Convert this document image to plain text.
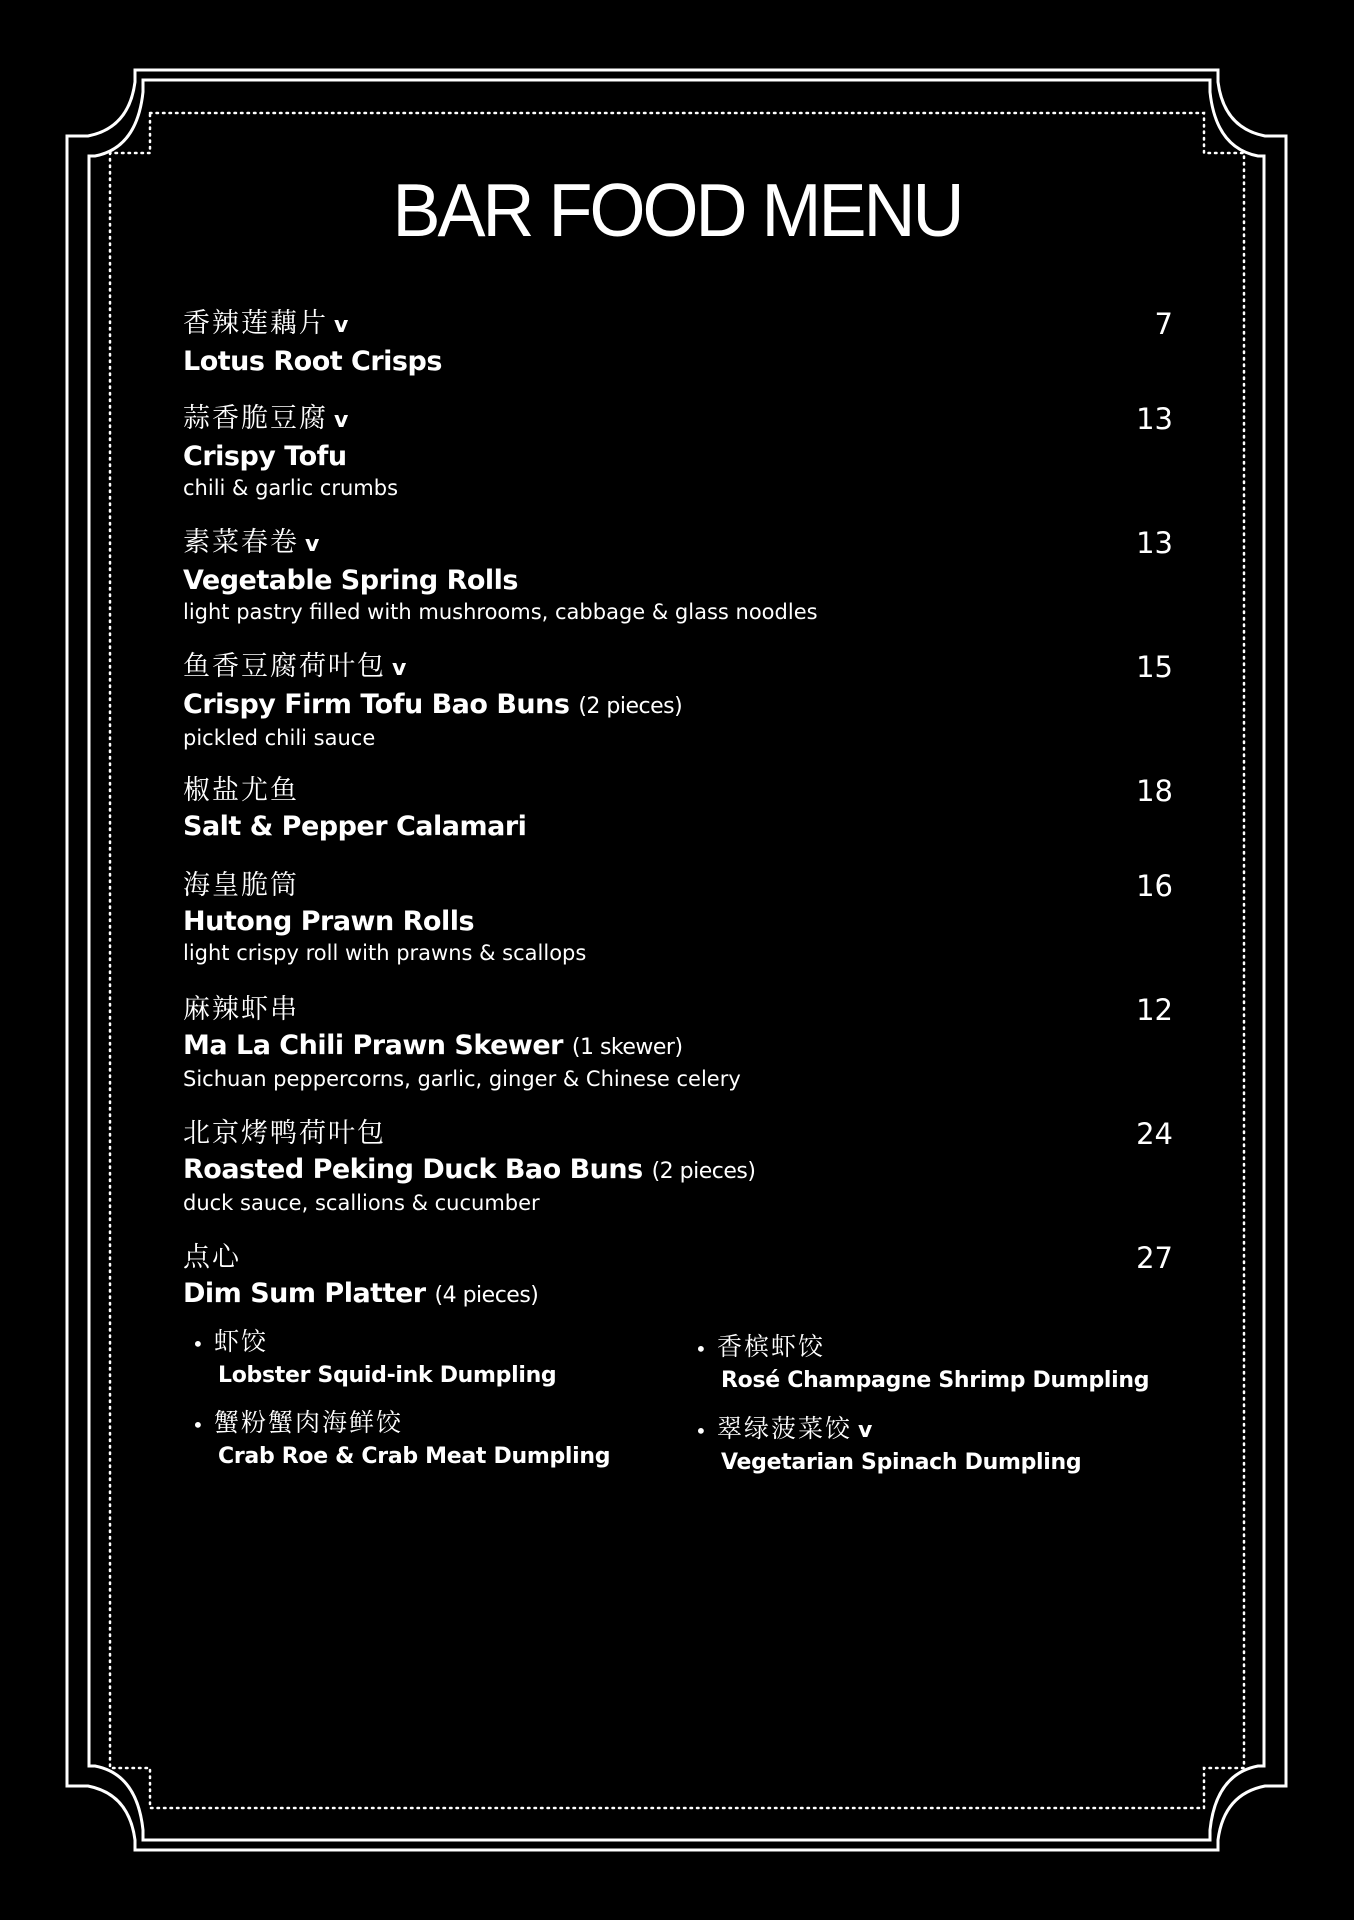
BAR FOOD MENU
香辣莲藕片 v
Lotus Root Crisps
7
蒜香脆豆腐 v
Crispy Tofu
chili & garlic crumbs
13
素菜春卷 v
Vegetable Spring Rolls
light pastry filled with mushrooms, cabbage & glass noodles
13
鱼香豆腐荷叶包 v
Crispy Firm Tofu Bao Buns (2 pieces)
pickled chili sauce
15
椒盐尤鱼
Salt & Pepper Calamari
18
海皇脆筒
Hutong Prawn Rolls
light crispy roll with prawns & scallops
16
麻辣虾串
Ma La Chili Prawn Skewer (1 skewer)
Sichuan peppercorns, garlic, ginger & Chinese celery
12
北京烤鸭荷叶包
Roasted Peking Duck Bao Buns (2 pieces)
duck sauce, scallions & cucumber
24
点心
Dim Sum Platter (4 pieces)
27
• 虾饺
Lobster Squid-ink Dumpling
• 香槟虾饺
Rosé Champagne Shrimp Dumpling
• 蟹粉蟹肉海鲜饺
Crab Roe & Crab Meat Dumpling
• 翠绿菠菜饺 v
Vegetarian Spinach Dumpling
